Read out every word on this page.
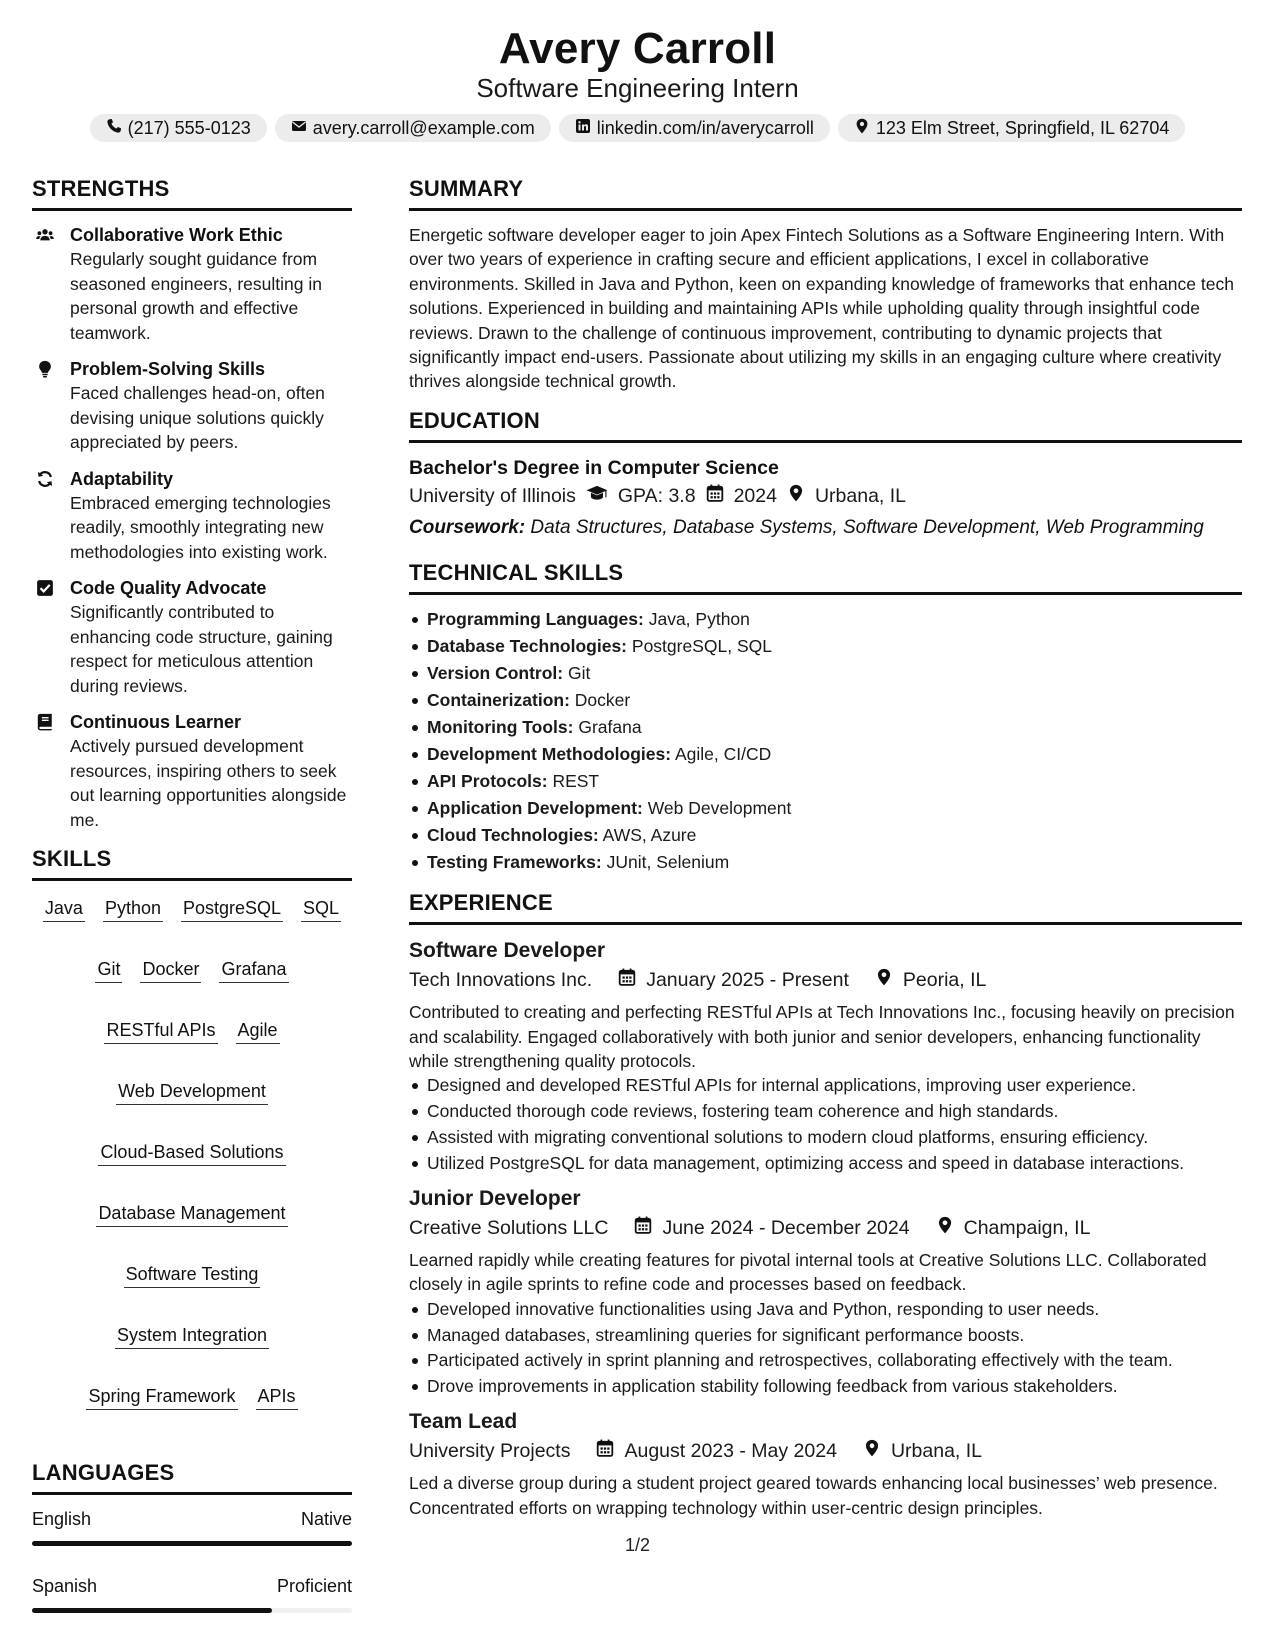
Avery Carroll
Software Engineering Intern
(217) 555-0123	avery.carroll@example.com	linkedin.com/in/averycarroll	123 Elm Street, Springfield, IL 62704
STRENGTHS
Collaborative Work Ethic
Regularly sought guidance from seasoned engineers, resulting in personal growth and effective teamwork.
Problem-Solving Skills
Faced challenges head-on, often devising unique solutions quickly appreciated by peers.
Adaptability
Embraced emerging technologies readily, smoothly integrating new methodologies into existing work.
Code Quality Advocate
Significantly contributed to enhancing code structure, gaining respect for meticulous attention during reviews.
Continuous Learner
Actively pursued development resources, inspiring others to seek out learning opportunities alongside me.
SKILLS
Java Python PostgreSQL SQL
Git Docker Grafana
RESTful APIs Agile
Web Development
Cloud-Based Solutions
Database Management
Software Testing
System Integration
Spring Framework APIs
LANGUAGES
English	Native
Spanish	Proficient
SUMMARY
Energetic software developer eager to join Apex Fintech Solutions as a Software Engineering Intern. With over two years of experience in crafting secure and efficient applications, I excel in collaborative environments. Skilled in Java and Python, keen on expanding knowledge of frameworks that enhance tech solutions. Experienced in building and maintaining APIs while upholding quality through insightful code reviews. Drawn to the challenge of continuous improvement, contributing to dynamic projects that significantly impact end-users. Passionate about utilizing my skills in an engaging culture where creativity thrives alongside technical growth.
EDUCATION
Bachelor's Degree in Computer Science
University of Illinois GPA: 3.8 2024 Urbana, IL
Coursework: Data Structures, Database Systems, Software Development, Web Programming
TECHNICAL SKILLS
Programming Languages: Java, Python
Database Technologies: PostgreSQL, SQL
Version Control: Git
Containerization: Docker
Monitoring Tools: Grafana
Development Methodologies: Agile, CI/CD
API Protocols: REST
Application Development: Web Development
Cloud Technologies: AWS, Azure
Testing Frameworks: JUnit, Selenium
EXPERIENCE
Software Developer
Tech Innovations Inc.	January 2025 - Present	Peoria, IL
Contributed to creating and perfecting RESTful APIs at Tech Innovations Inc., focusing heavily on precision and scalability. Engaged collaboratively with both junior and senior developers, enhancing functionality while strengthening quality protocols.
Designed and developed RESTful APIs for internal applications, improving user experience.
Conducted thorough code reviews, fostering team coherence and high standards.
Assisted with migrating conventional solutions to modern cloud platforms, ensuring efficiency.
Utilized PostgreSQL for data management, optimizing access and speed in database interactions.
Junior Developer
Creative Solutions LLC	June 2024 - December 2024	Champaign, IL
Learned rapidly while creating features for pivotal internal tools at Creative Solutions LLC. Collaborated closely in agile sprints to refine code and processes based on feedback.
Developed innovative functionalities using Java and Python, responding to user needs.
Managed databases, streamlining queries for significant performance boosts.
Participated actively in sprint planning and retrospectives, collaborating effectively with the team.
Drove improvements in application stability following feedback from various stakeholders.
Team Lead
University Projects	August 2023 - May 2024	Urbana, IL
Led a diverse group during a student project geared towards enhancing local businesses’ web presence. Concentrated efforts on wrapping technology within user-centric design principles.
1/2
